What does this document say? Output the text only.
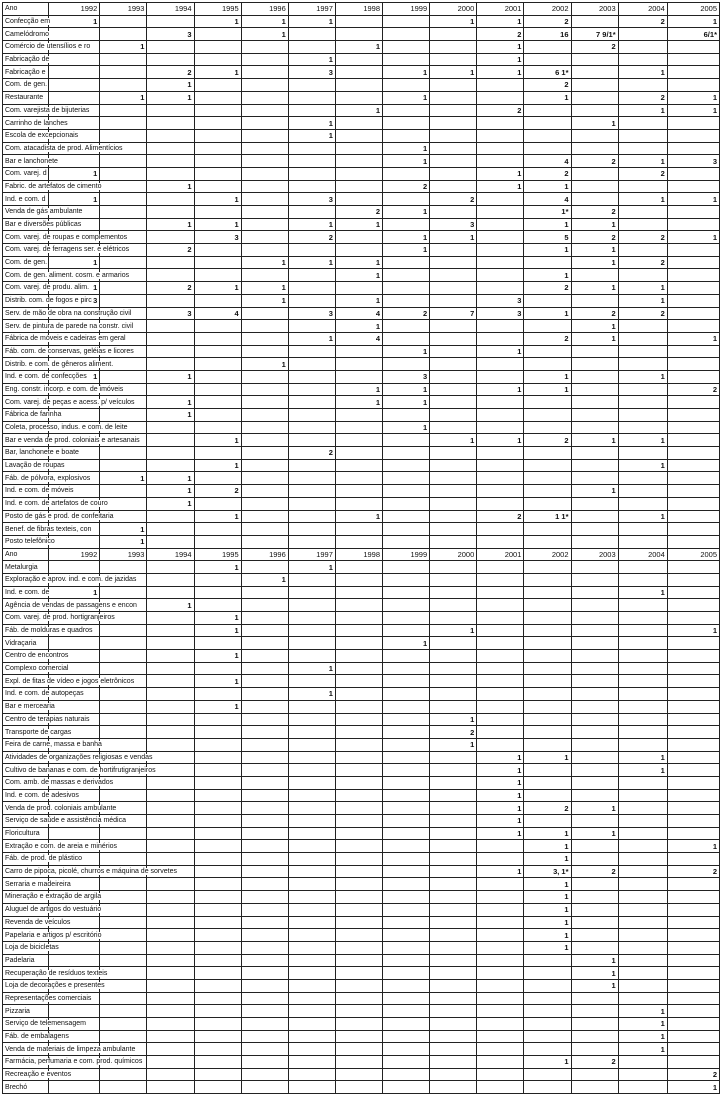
Ano	1992	1993	1994	1995	1996	1997	1998	1999	2000	2001	2002	2003	2004	2005
Confecção em	1			1	1	1			1	1	2		2	1
Camelódromo			3		1					2	16	7 9/1*		6/1*
Comércio de utensílios e ro		1					1			1		2		
Fabricação de						1				1				
Fabricação e			2	1		3		1	1	1	6 1*		1	
Com. de gen.			1								2			
Restaurante		1	1					1			1		2	1
Com. varejista de bijuterias							1			2			1	1
Carrinho de lanches						1						1		
Escola de excepcionais						1								
Com. atacadista de prod. Alimentícios								1						
Bar e lanchonete								1			4	2	1	3
Com. varej. d	1									1	2		2	
Fabric. de artefatos de cimento			1					2		1	1			
Ind. e com. d	1			1		3			2		4		1	1
Venda de gás ambulante							2	1			1*	2		
Bar e diversões públicas			1	1		1	1		3		1	1		
Com. varej. de roupas e complementos				3		2		1	1		5	2	2	1
Com. varej. de ferragens ser. e elétricos			2					1			1	1		
Com. de gen.	1				1	1	1					1	2	
Com. de gen. aliment. cosm. e armarios							1				1			
Com. varej. de produ. alim.	1		2	1	1						2	1	1	
Distrib. com. de fogos e pirc	3				1		1			3			1	
Serv. de mão de obra na construção civil			3	4		3	4	2	7	3	1	2	2	
Serv. de pintura de parede na constr. civil							1					1		
Fábrica de móveis e cadeiras em geral						1	4				2	1		1
Fáb. com. de conservas, geléias e licores								1		1				
Distrib. e com. de gêneros aliment.					1									
Ind. e com. de confecções	1		1					3			1		1	
Eng. constr. incorp. e com. de imóveis							1	1		1	1			2
Com. varej. de peças e acess. p/ veículos			1				1	1						
Fábrica de farinha			1											
Coleta, processo, indus. e com. de leite								1						
Bar e venda de prod. coloniais e artesanais				1					1	1	2	1	1	
Bar, lanchonete e boate						2								
Lavação de roupas				1									1	
Fáb. de pólvora, explosivos		1	1											
Ind. e com. de móveis			1	2								1		
Ind. e com. de artefatos de couro			1											
Posto de gás e prod. de confeitaria				1			1			2	1 1*		1	
Benef. de fibras texteis, con		1												
Posto telefônico		1												
Ano	1992	1993	1994	1995	1996	1997	1998	1999	2000	2001	2002	2003	2004	2005
Metalurgia				1		1								
Exploração e aprov. ind. e com. de jazidas					1									
Ind. e com. de	1												1	
Agência de vendas de passagens e encon			1											
Com. varej. de prod. hortigranjeiros				1										
Fáb. de molduras e quadros				1					1					1
Vidraçaria								1						
Centro de encontros				1										
Complexo comercial						1								
Expl. de fitas de vídeo e jogos eletrônicos				1										
Ind. e com. de autopeças						1								
Bar e mercearia				1										
Centro de terapias naturais									1					
Transporte de cargas									2					
Feira de carne, massa e banha									1					
Atividades de organizações religiosas e vendas										1	1		1	
Cultivo de bananas e com. de hortifrutigranjeiros										1			1	
Com. amb. de massas e derivados										1				
Ind. e com. de adesivos										1				
Venda de prod. coloniais ambulante										1	2	1		
Serviço de saúde e assistência médica										1				
Floricultura										1	1	1		
Extração e com. de areia e minérios											1			1
Fáb. de prod. de plástico											1			
Carro de pipoca, picolé, churros e máquina de sorvetes										1	3, 1*	2		2
Serraria e madeireira											1			
Mineração e extração de argila											1			
Aluguel de artigos do vestuário											1			
Revenda de veículos											1			
Papelaria e artigos p/ escritório											1			
Loja de bicicletas											1			
Padelaria												1		
Recuperação de resíduos texteis												1		
Loja de decorações e presentes												1		
Representações comerciais														
Pizzaria													1	
Serviço de telemensagem													1	
Fáb. de embalagens													1	
Venda de materiais de limpeza ambulante													1	
Farmácia, perfumaria e com. prod. químicos											1	2		
Recreação e eventos														2
Brechó														1
